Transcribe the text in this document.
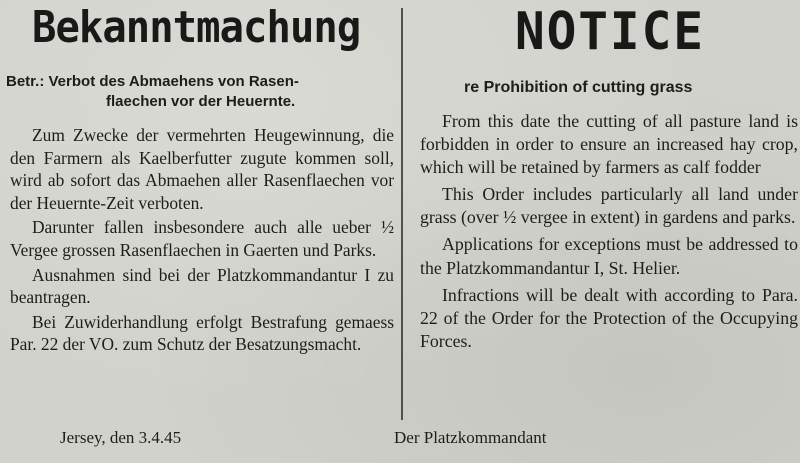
Bekanntmachung
Betr.: Verbot des Abmaehens von Rasen-
flaechen vor der Heuernte.

Zum Zwecke der vermehrten Heugewinnung, die den Farmern als Kaelberfutter zugute kommen soll, wird ab sofort das Abmaehen aller Rasenflaechen vor der Heuernte-Zeit verboten.

Darunter fallen insbesondere auch alle ueber ½ Vergee grossen Rasenflaechen in Gaerten und Parks.

Ausnahmen sind bei der Platzkommandantur I zu beantragen.

Bei Zuwiderhandlung erfolgt Bestrafung gemaess Par. 22 der VO. zum Schutz der Besatzungsmacht.

NOTICE
re Prohibition of cutting grass

From this date the cutting of all pasture land is forbidden in order to ensure an increased hay crop, which will be retained by farmers as calf fodder

This Order includes particularly all land under grass (over ½ vergee in extent) in gardens and parks.

Applications for exceptions must be addressed to the Platzkommandantur I, St. Helier.

Infractions will be dealt with according to Para. 22 of the Order for the Protection of the Occupying Forces.

Jersey, den 3.4.45	Der Platzkommandant
